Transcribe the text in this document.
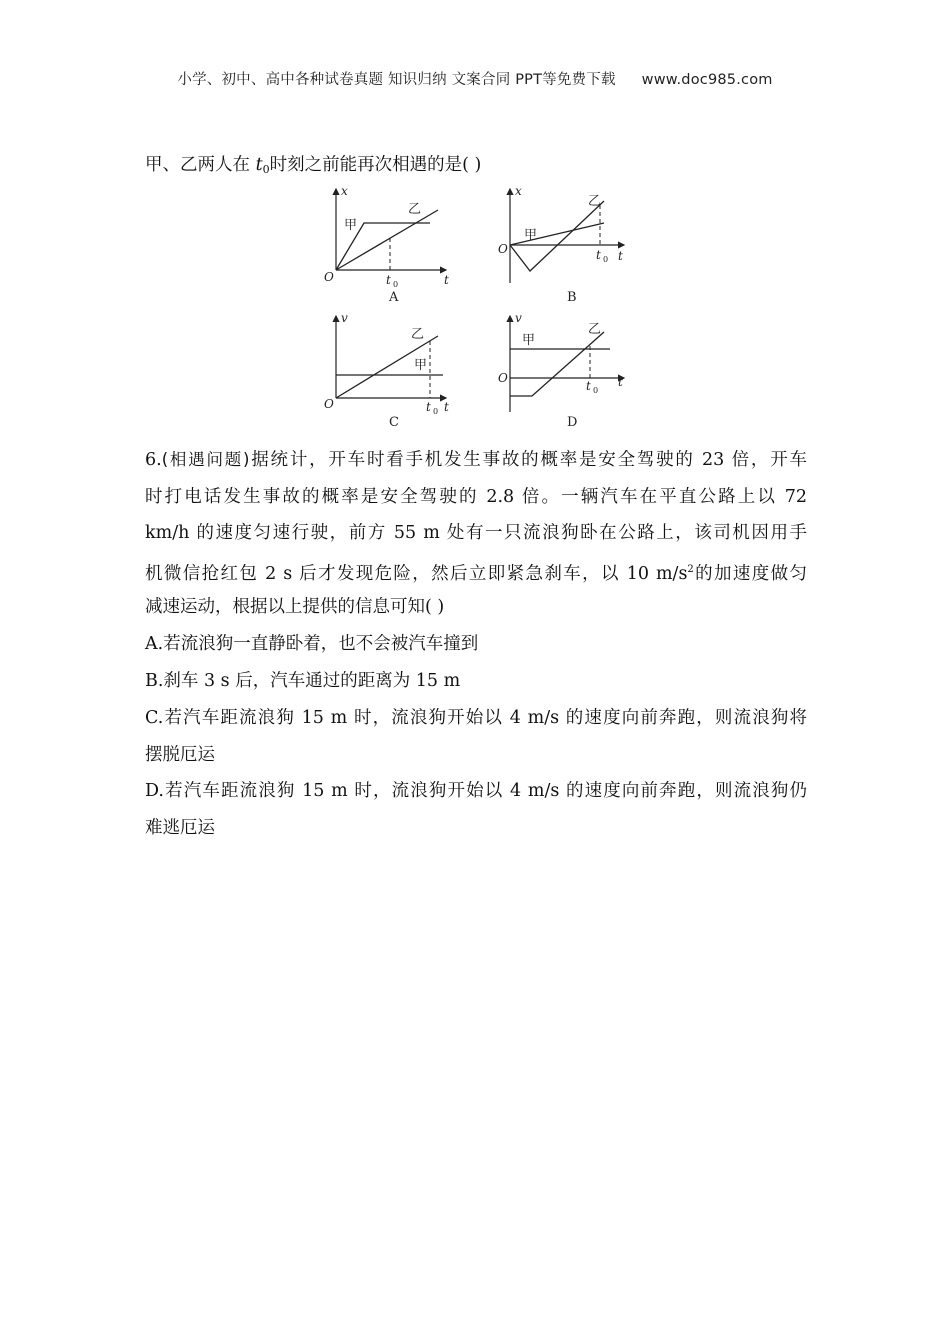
小学、初中、高中各种试卷真题 知识归纳 文案合同 PPT等免费下载 www.doc985.com
甲、乙两人在 $t_0$时刻之前能再次相遇的是( )
x
t
O	t 0
甲
乙
A
x
t
O	t 0
甲
乙
B
v
t
O	t 0
甲
乙
C
v
t
O
t 0
甲
乙
D
6.(相遇问题)据统计，开车时看手机发生事故的概率是安全驾驶的 23 倍，开车
时打电话发生事故的概率是安全驾驶的 2.8 倍。一辆汽车在平直公路上以 72
km/h 的速度匀速行驶，前方 55 m 处有一只流浪狗卧在公路上，该司机因用手
机微信抢红包 2 s 后才发现危险，然后立即紧急刹车，以 10 $m/s^2$的加速度做匀
减速运动，根据以上提供的信息可知( )
A.若流浪狗一直静卧着，也不会被汽车撞到
B.刹车 3 s 后，汽车通过的距离为 15 m
C.若汽车距流浪狗 15 m 时，流浪狗开始以 4 m/s 的速度向前奔跑，则流浪狗将
摆脱厄运
D.若汽车距流浪狗 15 m 时，流浪狗开始以 4 m/s 的速度向前奔跑，则流浪狗仍
难逃厄运
